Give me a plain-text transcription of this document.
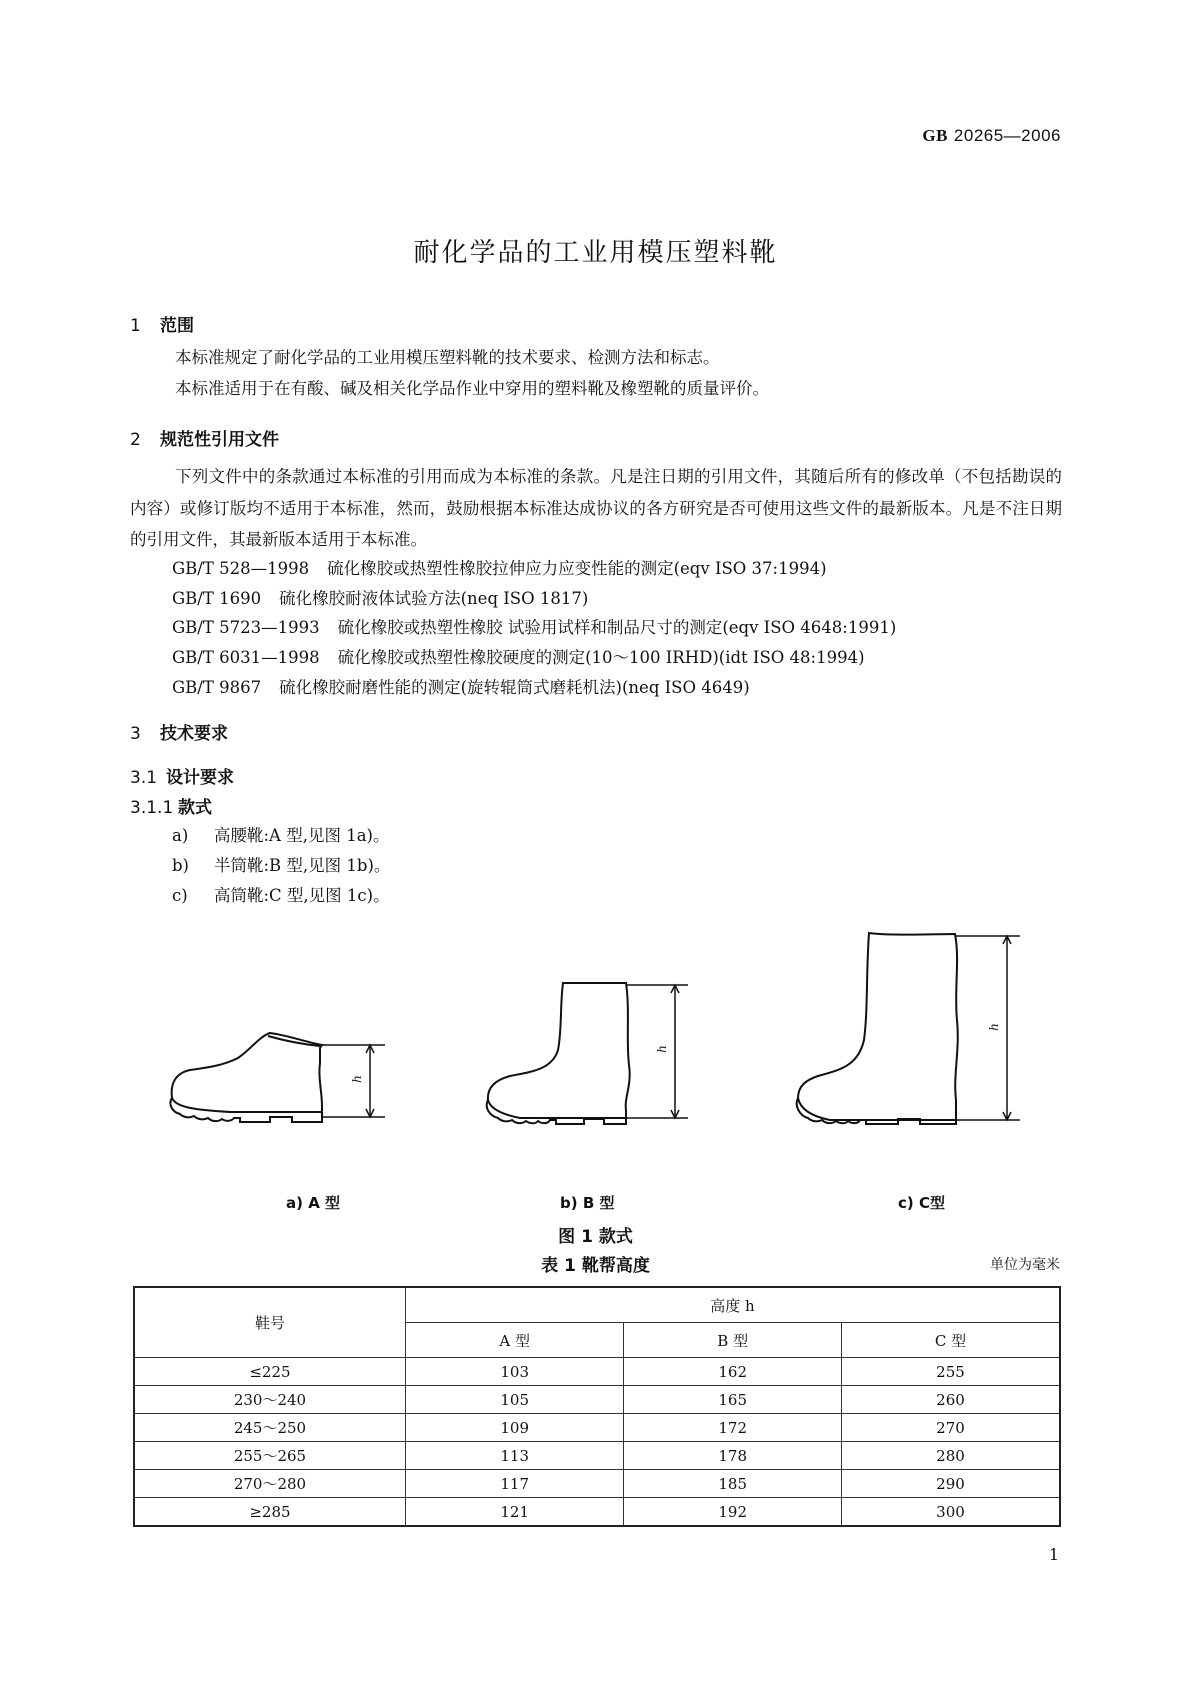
GB 20265—2006
耐化学品的工业用模压塑料靴
1 范围
本标准规定了耐化学品的工业用模压塑料靴的技术要求、检测方法和标志。
本标准适用于在有酸、碱及相关化学品作业中穿用的塑料靴及橡塑靴的质量评价。
2 规范性引用文件
下列文件中的条款通过本标准的引用而成为本标准的条款。凡是注日期的引用文件，其随后所有的修改单（不包括勘误的内容）或修订版均不适用于本标准，然而，鼓励根据本标准达成协议的各方研究是否可使用这些文件的最新版本。凡是不注日期的引用文件，其最新版本适用于本标准。
GB/T 528—1998 硫化橡胶或热塑性橡胶拉伸应力应变性能的测定(eqv ISO 37:1994)
GB/T 1690 硫化橡胶耐液体试验方法(neq ISO 1817)
GB/T 5723—1993 硫化橡胶或热塑性橡胶 试验用试样和制品尺寸的测定(eqv ISO 4648:1991)
GB/T 6031—1998 硫化橡胶或热塑性橡胶硬度的测定(10～100 IRHD)(idt ISO 48:1994)
GB/T 9867 硫化橡胶耐磨性能的测定(旋转辊筒式磨耗机法)(neq ISO 4649)
3 技术要求
3.1 设计要求
3.1.1 款式
a) 高腰靴:A 型,见图 1a)。
b) 半筒靴:B 型,见图 1b)。
c) 高筒靴:C 型,见图 1c)。
h
h
h
a) A 型	b) B 型	c) C型
图 1 款式
表 1 靴帮高度	单位为毫米
鞋号	高度 h		
	A 型	B 型	C 型
≤225	103	162	255
230～240	105	165	260
245～250	109	172	270
255～265	113	178	280
270～280	117	185	290
≥285	121	192	300
1
